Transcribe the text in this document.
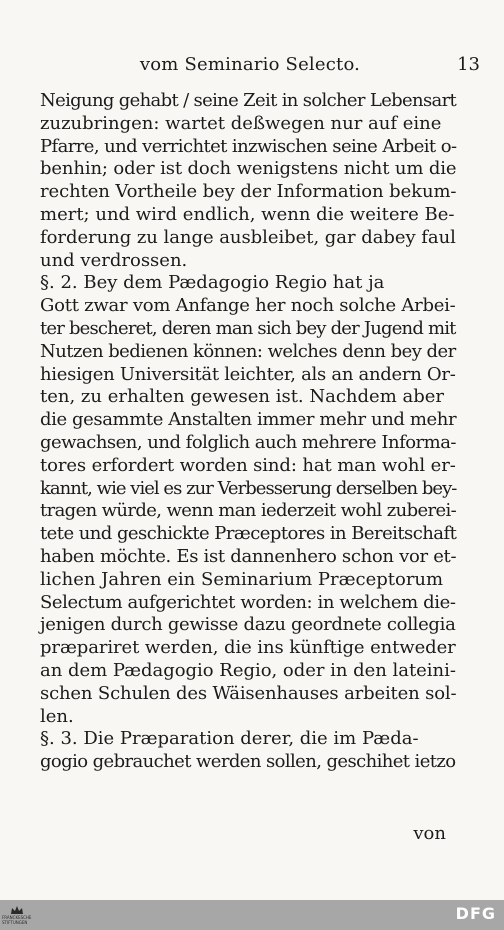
vom Seminario Selecto.	13
Neigung gehabt / seine Zeit in solcher Lebensart
zuzubringen: wartet deßwegen nur auf eine
Pfarre, und verrichtet inzwischen seine Arbeit o-
benhin; oder ist doch wenigstens nicht um die
rechten Vortheile bey der Information bekum-
mert; und wird endlich, wenn die weitere Be-
forderung zu lange ausbleibet, gar dabey faul
und verdrossen.
§. 2. Bey dem Pædagogio Regio hat ja
Gott zwar vom Anfange her noch solche Arbei-
ter bescheret, deren man sich bey der Jugend mit
Nutzen bedienen können: welches denn bey der
hiesigen Universität leichter, als an andern Or-
ten, zu erhalten gewesen ist. Nachdem aber
die gesammte Anstalten immer mehr und mehr
gewachsen, und folglich auch mehrere Informa-
tores erfordert worden sind: hat man wohl er-
kannt, wie viel es zur Verbesserung derselben bey-
tragen würde, wenn man iederzeit wohl zuberei-
tete und geschickte Præceptores in Bereitschaft
haben möchte. Es ist dannenhero schon vor et-
lichen Jahren ein Seminarium Præceptorum
Selectum aufgerichtet worden: in welchem die-
jenigen durch gewisse dazu geordnete collegia
præpariret werden, die ins künftige entweder
an dem Pædagogio Regio, oder in den lateini-
schen Schulen des Wäisenhauses arbeiten sol-
len.
§. 3. Die Præparation derer, die im Pæda-
gogio gebrauchet werden sollen, geschihet ietzo
von
FRANCKESCHE STIFTUNGEN	DFG
